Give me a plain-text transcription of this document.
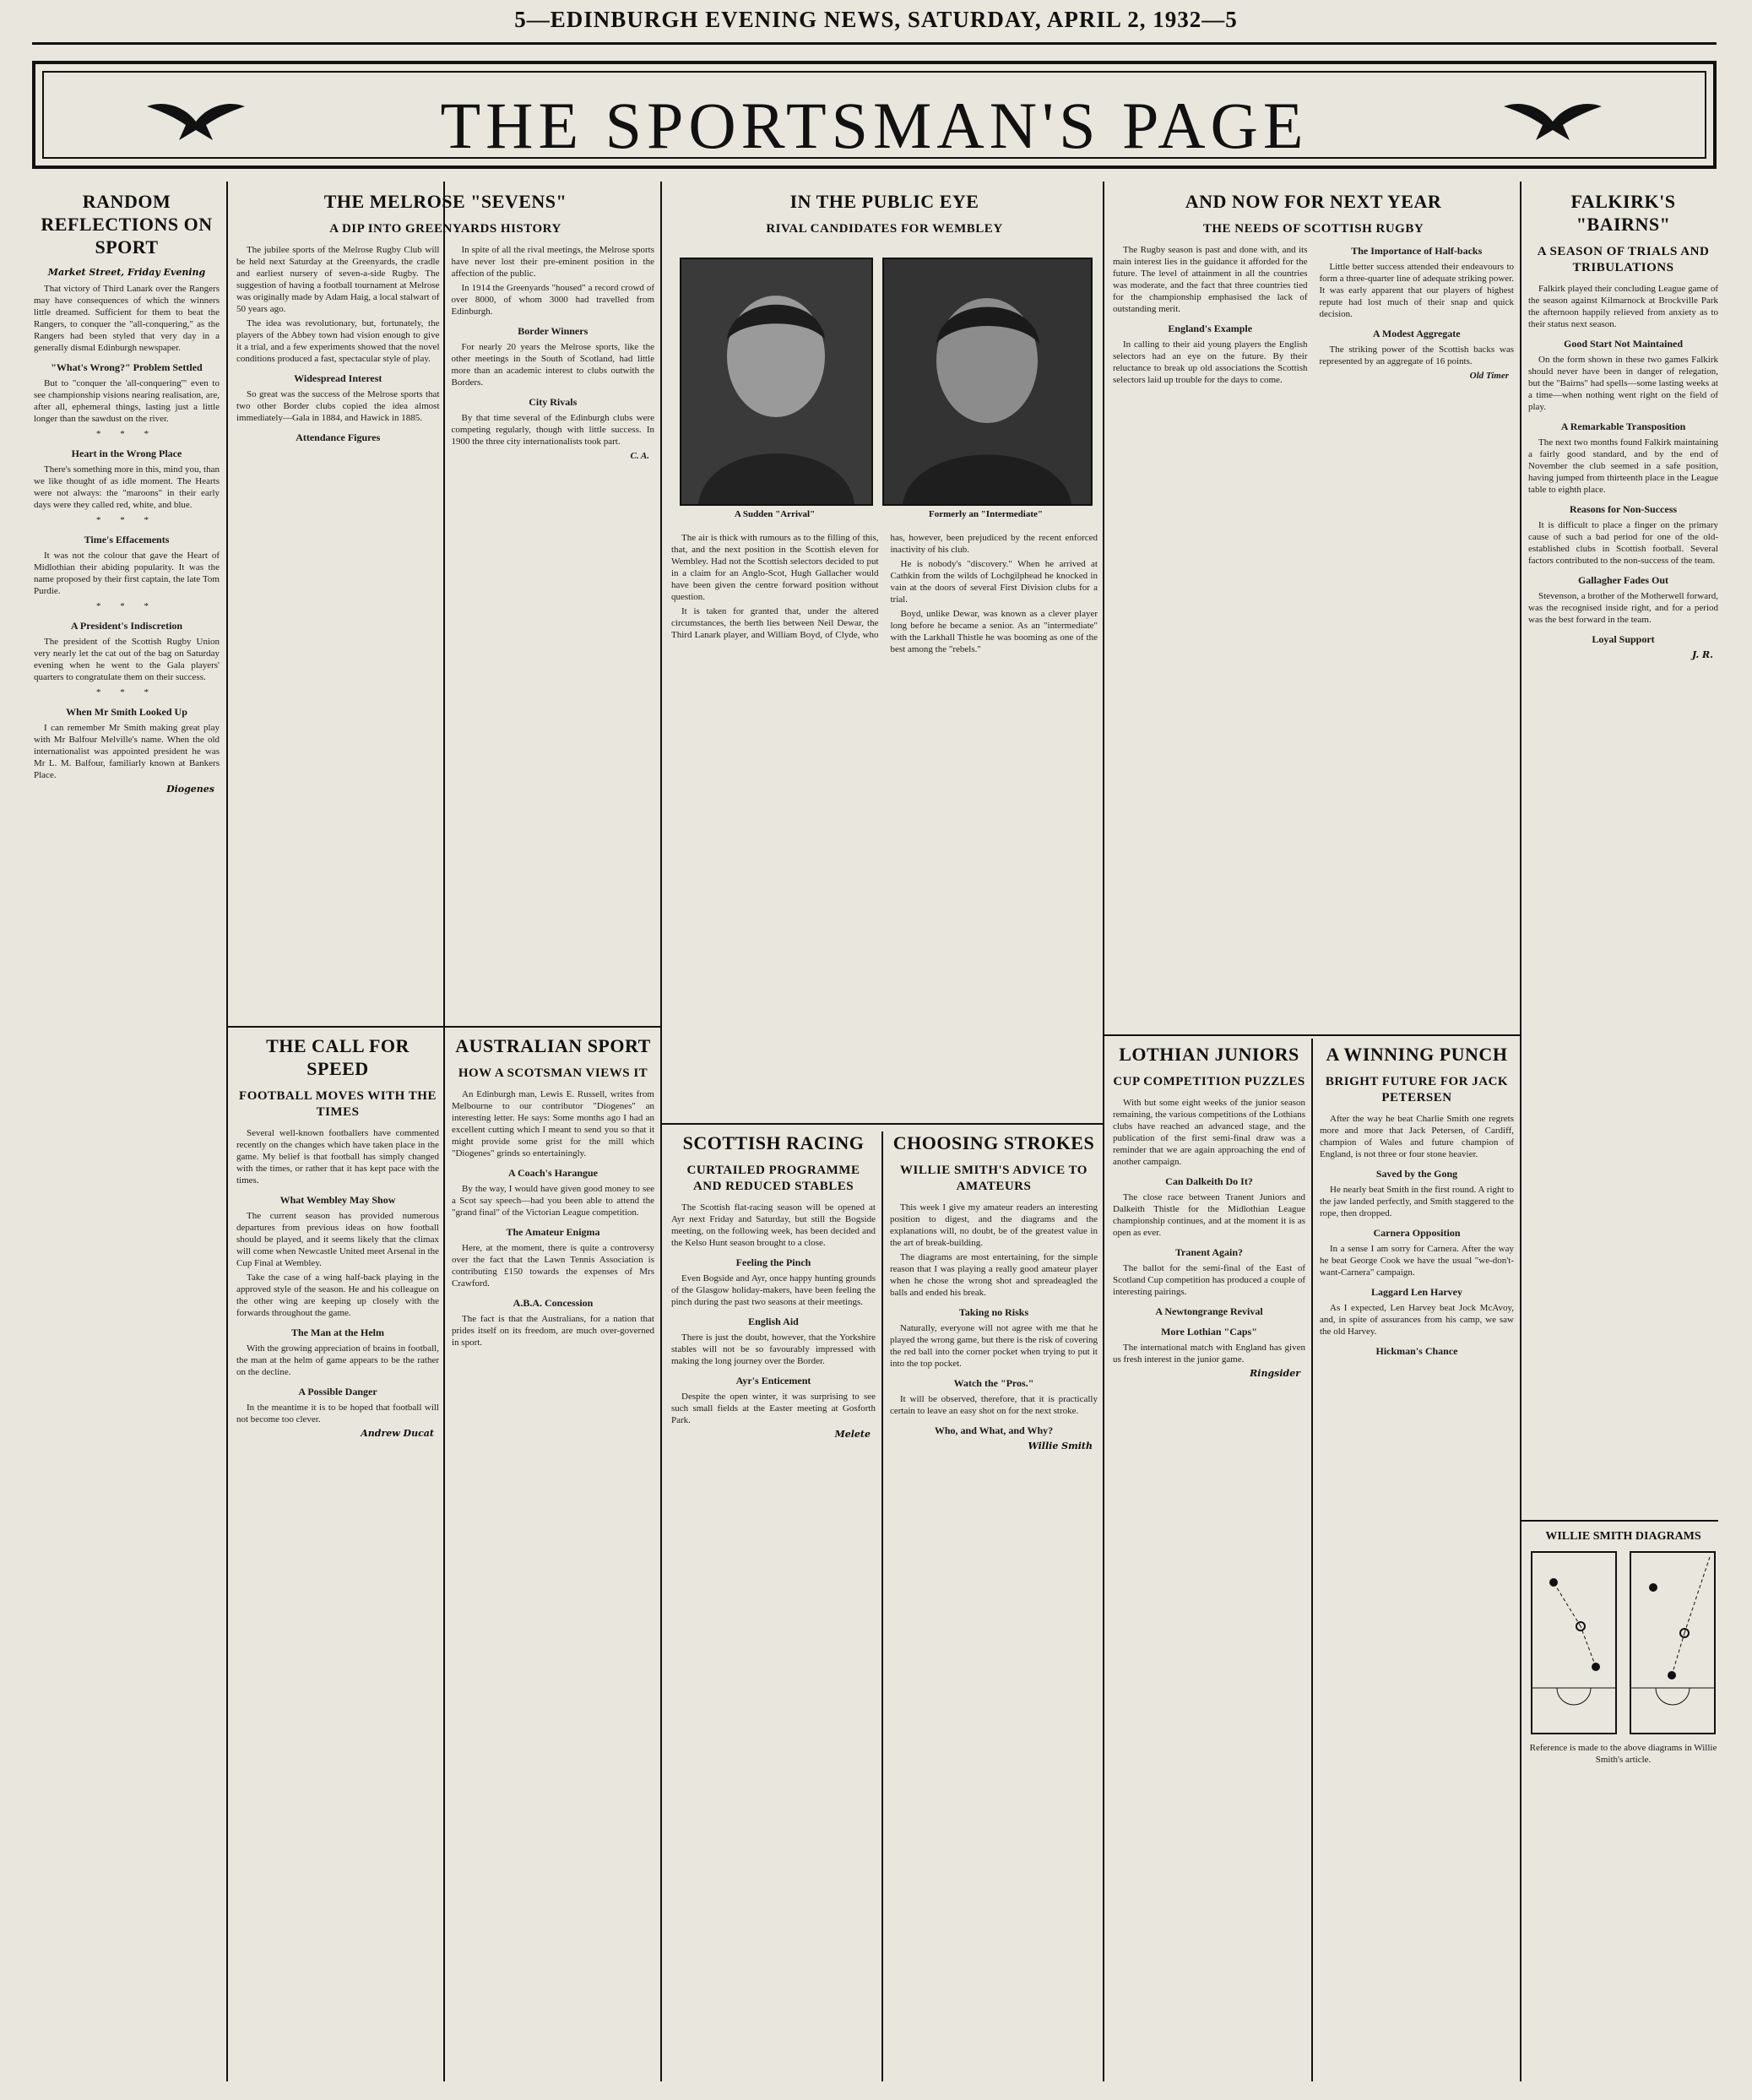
5—EDINBURGH EVENING NEWS, SATURDAY, APRIL 2, 1932—5
THE SPORTSMAN'S PAGE
RANDOM REFLECTIONS ON SPORT
Market Street, Friday Evening

That victory of Third Lanark over the Rangers may have consequences of which the winners little dreamed. Sufficient for them to beat the Rangers, to conquer the "all-conquering," as the Rangers had been styled that very day in a generally dismal Edinburgh newspaper.

"What's Wrong?" Problem Settled

But to "conquer the 'all-conquering'" even to see championship visions nearing realisation, are, after all, ephemeral things, lasting just a little longer than the sawdust on the river.

* * *
Heart in the Wrong Place

There's something more in this, mind you, than we like thought of as idle moment. The Hearts were not always: the "maroons" in their early days were they called red, white, and blue.

* * *
Time's Effacements

It was not the colour that gave the Heart of Midlothian their abiding popularity. It was the name proposed by their first captain, the late Tom Purdie.

* * *
A President's Indiscretion

The president of the Scottish Rugby Union very nearly let the cat out of the bag on Saturday evening when he went to the Gala players' quarters to congratulate them on their success.

* * *
When Mr Smith Looked Up

I can remember Mr Smith making great play with Mr Balfour Melville's name. When the old internationalist was appointed president he was Mr L. M. Balfour, familiarly known at Bankers Place.

Diogenes
THE MELROSE "SEVENS"
A DIP INTO GREENYARDS HISTORY

The jubilee sports of the Melrose Rugby Club will be held next Saturday at the Greenyards, the cradle and earliest nursery of seven-a-side Rugby. The suggestion of having a football tournament at Melrose was originally made by Adam Haig, a local stalwart of 50 years ago.

The idea was revolutionary, but, fortunately, the players of the Abbey town had vision enough to give it a trial, and a few experiments showed that the novel conditions produced a fast, spectacular style of play.

Widespread Interest

So great was the success of the Melrose sports that two other Border clubs copied the idea almost immediately—Gala in 1884, and Hawick in 1885.

Attendance Figures

In spite of all the rival meetings, the Melrose sports have never lost their pre-eminent position in the affection of the public.

In 1914 the Greenyards "housed" a record crowd of over 8000, of whom 3000 had travelled from Edinburgh.

Border Winners

For nearly 20 years the Melrose sports, like the other meetings in the South of Scotland, had little more than an academic interest to clubs outwith the Borders.

City Rivals

By that time several of the Edinburgh clubs were competing regularly, though with little success. In 1900 the three city internationalists took part.

C. A.
IN THE PUBLIC EYE
RIVAL CANDIDATES FOR WEMBLEY
A Sudden "Arrival"	Formerly an "Intermediate"

The air is thick with rumours as to the filling of this, that, and the next position in the Scottish eleven for Wembley. Had not the Scottish selectors decided to put in a claim for an Anglo-Scot, Hugh Gallacher would have been given the centre forward position without question.

It is taken for granted that, under the altered circumstances, the berth lies between Neil Dewar, the Third Lanark player, and William Boyd, of Clyde, who has, however, been prejudiced by the recent enforced inactivity of his club.

He is nobody's "discovery." When he arrived at Cathkin from the wilds of Lochgilphead he knocked in vain at the doors of several First Division clubs for a trial.

Boyd, unlike Dewar, was known as a clever player long before he became a senior. As an "intermediate" with the Larkhall Thistle he was booming as one of the best among the "rebels."

AND NOW FOR NEXT YEAR
THE NEEDS OF SCOTTISH RUGBY

The Rugby season is past and done with, and its main interest lies in the guidance it afforded for the future. The level of attainment in all the countries was moderate, and the fact that three countries tied for the championship emphasised the lack of outstanding merit.

England's Example

In calling to their aid young players the English selectors had an eye on the future. By their reluctance to break up old associations the Scottish selectors laid up trouble for the days to come.

The Importance of Half-backs

Little better success attended their endeavours to form a three-quarter line of adequate striking power. It was early apparent that our players of highest repute had lost much of their snap and quick decision.

A Modest Aggregate

The striking power of the Scottish backs was represented by an aggregate of 16 points.

Old Timer
FALKIRK'S "BAIRNS"
A SEASON OF TRIALS AND TRIBULATIONS

Falkirk played their concluding League game of the season against Kilmarnock at Brockville Park the afternoon happily relieved from anxiety as to their status next season.

Good Start Not Maintained

On the form shown in these two games Falkirk should never have been in danger of relegation, but the "Bairns" had spells—some lasting weeks at a time—when nothing went right on the field of play.

A Remarkable Transposition

The next two months found Falkirk maintaining a fairly good standard, and by the end of November the club seemed in a safe position, having jumped from thirteenth place in the League table to eighth place.

Reasons for Non-Success

It is difficult to place a finger on the primary cause of such a bad period for one of the old-established clubs in Scottish football. Several factors contributed to the non-success of the team.

Gallagher Fades Out

Stevenson, a brother of the Motherwell forward, was the recognised inside right, and for a period was the best forward in the team.

Loyal Support
J. R.
WILLIE SMITH DIAGRAMS
Reference is made to the above diagrams in Willie Smith's article.
THE CALL FOR SPEED
FOOTBALL MOVES WITH THE TIMES

Several well-known footballers have commented recently on the changes which have taken place in the game. My belief is that football has simply changed with the times, or rather that it has kept pace with the times.

What Wembley May Show

The current season has provided numerous departures from previous ideas on how football should be played, and it seems likely that the climax will come when Newcastle United meet Arsenal in the Cup Final at Wembley.

Take the case of a wing half-back playing in the approved style of the season. He and his colleague on the other wing are keeping up closely with the forwards throughout the game.

The Man at the Helm

With the growing appreciation of brains in football, the man at the helm of game appears to be the rather on the decline.

A Possible Danger

In the meantime it is to be hoped that football will not become too clever.

Andrew Ducat
AUSTRALIAN SPORT
HOW A SCOTSMAN VIEWS IT

An Edinburgh man, Lewis E. Russell, writes from Melbourne to our contributor "Diogenes" an interesting letter. He says: Some months ago I had an excellent cutting which I meant to send you so that it might provide some grist for the mill which "Diogenes" grinds so entertainingly.

A Coach's Harangue

By the way, I would have given good money to see a Scot say speech—had you been able to attend the "grand final" of the Victorian League competition.

The Amateur Enigma

Here, at the moment, there is quite a controversy over the fact that the Lawn Tennis Association is contributing £150 towards the expenses of Mrs Crawford.

A.B.A. Concession

The fact is that the Australians, for a nation that prides itself on its freedom, are much over-governed in sport.

SCOTTISH RACING
CURTAILED PROGRAMME AND REDUCED STABLES

The Scottish flat-racing season will be opened at Ayr next Friday and Saturday, but still the Bogside meeting, on the following week, has been decided and the Kelso Hunt season brought to a close.

Feeling the Pinch

Even Bogside and Ayr, once happy hunting grounds of the Glasgow holiday-makers, have been feeling the pinch during the past two seasons at their meetings.

English Aid

There is just the doubt, however, that the Yorkshire stables will not be so favourably impressed with making the long journey over the Border.

Ayr's Enticement

Despite the open winter, it was surprising to see such small fields at the Easter meeting at Gosforth Park.

Melete
CHOOSING STROKES
WILLIE SMITH'S ADVICE TO AMATEURS

This week I give my amateur readers an interesting position to digest, and the diagrams and the explanations will, no doubt, be of the greatest value in the art of break-building.

The diagrams are most entertaining, for the simple reason that I was playing a really good amateur player when he chose the wrong shot and spreadeagled the balls and ended his break.

Taking no Risks

Naturally, everyone will not agree with me that he played the wrong game, but there is the risk of covering the red ball into the corner pocket when trying to put it into the top pocket.

Watch the "Pros."

It will be observed, therefore, that it is practically certain to leave an easy shot on for the next stroke.

Who, and What, and Why?
Willie Smith
LOTHIAN JUNIORS
CUP COMPETITION PUZZLES

With but some eight weeks of the junior season remaining, the various competitions of the Lothians clubs have reached an advanced stage, and the publication of the first semi-final draw was a reminder that we are again approaching the end of another campaign.

Can Dalkeith Do It?

The close race between Tranent Juniors and Dalkeith Thistle for the Midlothian League championship continues, and at the moment it is as open as ever.

Tranent Again?

The ballot for the semi-final of the East of Scotland Cup competition has produced a couple of interesting pairings.

A Newtongrange Revival
More Lothian "Caps"

The international match with England has given us fresh interest in the junior game.

Ringsider
A WINNING PUNCH
BRIGHT FUTURE FOR JACK PETERSEN

After the way he beat Charlie Smith one regrets more and more that Jack Petersen, of Cardiff, champion of Wales and future champion of England, is not three or four stone heavier.

Saved by the Gong

He nearly beat Smith in the first round. A right to the jaw landed perfectly, and Smith staggered to the rope, then dropped.

Carnera Opposition

In a sense I am sorry for Carnera. After the way he beat George Cook we have the usual "we-don't-want-Carnera" campaign.

Laggard Len Harvey

As I expected, Len Harvey beat Jock McAvoy, and, in spite of assurances from his camp, we saw the old Harvey.

Hickman's Chance
